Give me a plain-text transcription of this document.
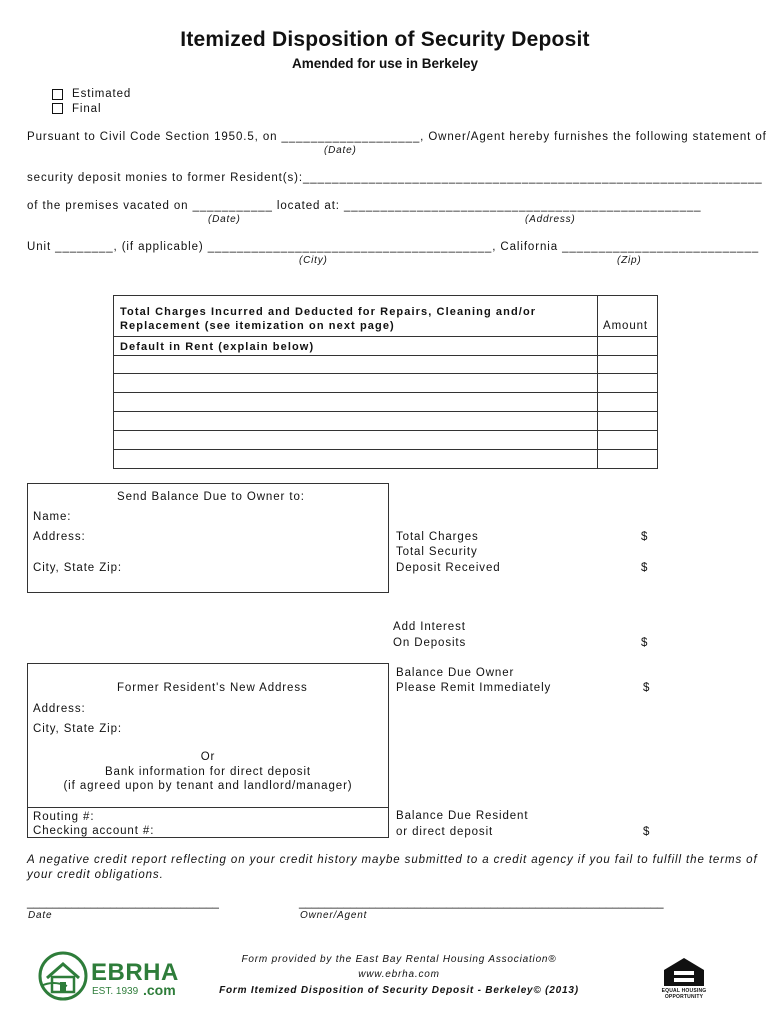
Itemized Disposition of Security Deposit
Amended for use in Berkeley
Estimated
Final
Pursuant to Civil Code Section 1950.5, on ___________________, Owner/Agent hereby furnishes the following statement of
(Date)
security deposit monies to former Resident(s):_______________________________________________________________
of the premises vacated on ___________ located at: _________________________________________________
(Date)	(Address)
Unit ________, (if applicable) _______________________________________, California ___________________________
(City)	(Zip)
Total Charges Incurred and Deducted for Repairs, Cleaning and/or
Replacement (see itemization on next page)	Amount
Default in Rent (explain below)
Send Balance Due to Owner to:
Name:
Address:
City, State Zip:
Total Charges	$
Total Security
Deposit Received	$
Add Interest
On Deposits	$
Balance Due Owner
Please Remit Immediately	$
Balance Due Resident
or direct deposit	$
Former Resident's New Address
Address:
City, State Zip:
Or
Bank information for direct deposit
(if agreed upon by tenant and landlord/manager)
Routing #:
Checking account #:
A negative credit report reflecting on your credit history maybe submitted to a credit agency if you fail to fulfill the terms of
your credit obligations.
______________________________
Date
_________________________________________________________
Owner/Agent
Form provided by the East Bay Rental Housing Association®
www.ebrha.com
Form Itemized Disposition of Security Deposit - Berkeley© (2013)
EBRHA
EST. 1939 .com	EQUAL HOUSING
OPPORTUNITY
